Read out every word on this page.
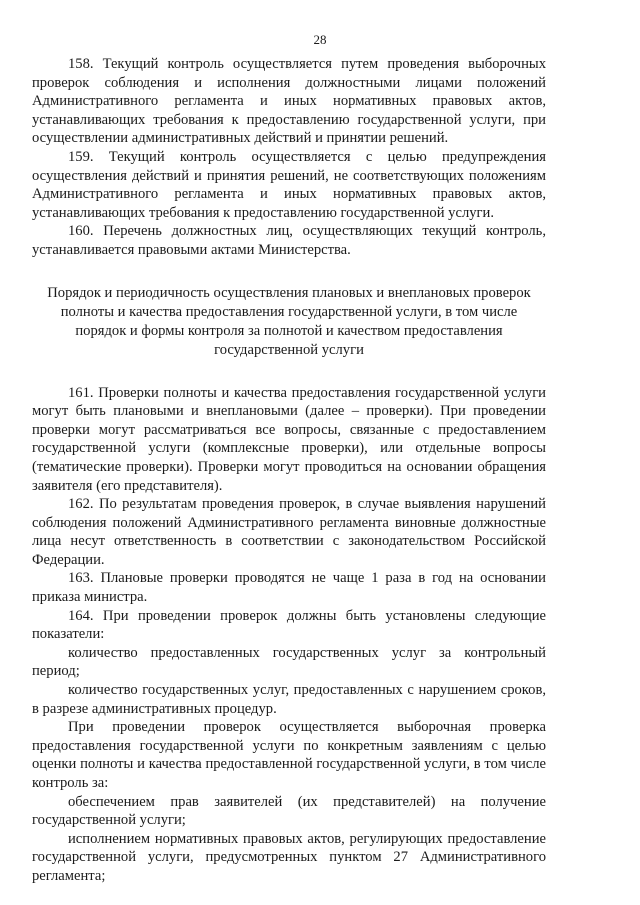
28

158. Текущий контроль осуществляется путем проведения выборочных проверок соблюдения и исполнения должностными лицами положений Административного регламента и иных нормативных правовых актов, устанавливающих требования к предоставлению государственной услуги, при осуществлении административных действий и принятии решений.

159. Текущий контроль осуществляется с целью предупреждения осуществления действий и принятия решений, не соответствующих положениям Административного регламента и иных нормативных правовых актов, устанавливающих требования к предоставлению государственной услуги.

160. Перечень должностных лиц, осуществляющих текущий контроль, устанавливается правовыми актами Министерства.

Порядок и периодичность осуществления плановых и внеплановых проверок
полноты и качества предоставления государственной услуги, в том числе
порядок и формы контроля за полнотой и качеством предоставления
государственной услуги

161. Проверки полноты и качества предоставления государственной услуги могут быть плановыми и внеплановыми (далее – проверки). При проведении проверки могут рассматриваться все вопросы, связанные с предоставлением государственной услуги (комплексные проверки), или отдельные вопросы (тематические проверки). Проверки могут проводиться на основании обращения заявителя (его представителя).

162. По результатам проведения проверок, в случае выявления нарушений соблюдения положений Административного регламента виновные должностные лица несут ответственность в соответствии с законодательством Российской Федерации.

163. Плановые проверки проводятся не чаще 1 раза в год на основании приказа министра.

164. При проведении проверок должны быть установлены следующие показатели:

количество предоставленных государственных услуг за контрольный период;

количество государственных услуг, предоставленных с нарушением сроков, в разрезе административных процедур.

При проведении проверок осуществляется выборочная проверка предоставления государственной услуги по конкретным заявлениям с целью оценки полноты и качества предоставленной государственной услуги, в том числе контроль за:

обеспечением прав заявителей (их представителей) на получение государственной услуги;

исполнением нормативных правовых актов, регулирующих предоставление государственной услуги, предусмотренных пунктом 27 Административного регламента;
